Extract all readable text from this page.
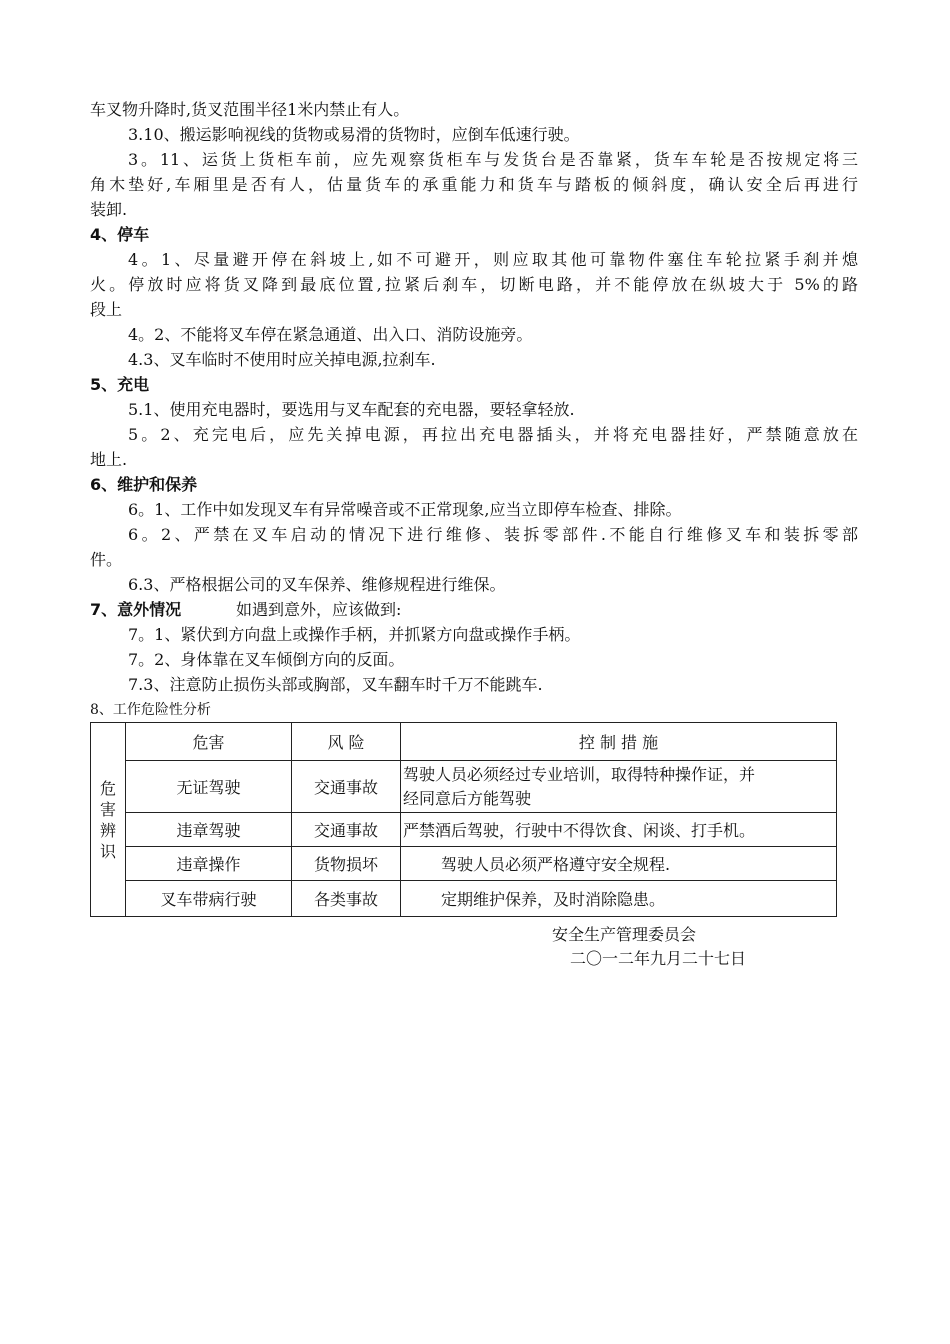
车叉物升降时,货叉范围半径1米内禁止有人。
3.10、搬运影响视线的货物或易滑的货物时，应倒车低速行驶。
3。11、运货上货柜车前，应先观察货柜车与发货台是否靠紧，货车车轮是否按规定将三
角木垫好,车厢里是否有人，估量货车的承重能力和货车与踏板的倾斜度，确认安全后再进行
装卸.
4、停车
4。1、尽量避开停在斜坡上,如不可避开，则应取其他可靠物件塞住车轮拉紧手刹并熄
火。停放时应将货叉降到最底位置,拉紧后刹车，切断电路，并不能停放在纵坡大于 5%的路
段上
4。2、不能将叉车停在紧急通道、出入口、消防设施旁。
4.3、叉车临时不使用时应关掉电源,拉刹车.
5、充电
5.1、使用充电器时，要选用与叉车配套的充电器，要轻拿轻放.
5。2、充完电后，应先关掉电源，再拉出充电器插头，并将充电器挂好，严禁随意放在
地上.
6、维护和保养
6。1、工作中如发现叉车有异常噪音或不正常现象,应当立即停车检查、排除。
6。2、严禁在叉车启动的情况下进行维修、装拆零部件.不能自行维修叉车和装拆零部
件。
6.3、严格根据公司的叉车保养、维修规程进行维保。
7、意外情况	如遇到意外，应该做到:
7。1、紧伏到方向盘上或操作手柄，并抓紧方向盘或操作手柄。
7。2、身体靠在叉车倾倒方向的反面。
7.3、注意防止损伤头部或胸部，叉车翻车时千万不能跳车.
8、工作危险性分析
危
害
辨
识	危害	风 险	控 制 措 施
	无证驾驶	交通事故	驾驶人员必须经过专业培训，取得特种操作证，并
经同意后方能驾驶
	违章驾驶	交通事故	严禁酒后驾驶，行驶中不得饮食、闲谈、打手机。
	违章操作	货物损坏	驾驶人员必须严格遵守安全规程.
	叉车带病行驶	各类事故	定期维护保养，及时消除隐患。
安全生产管理委员会
二〇一二年九月二十七日
